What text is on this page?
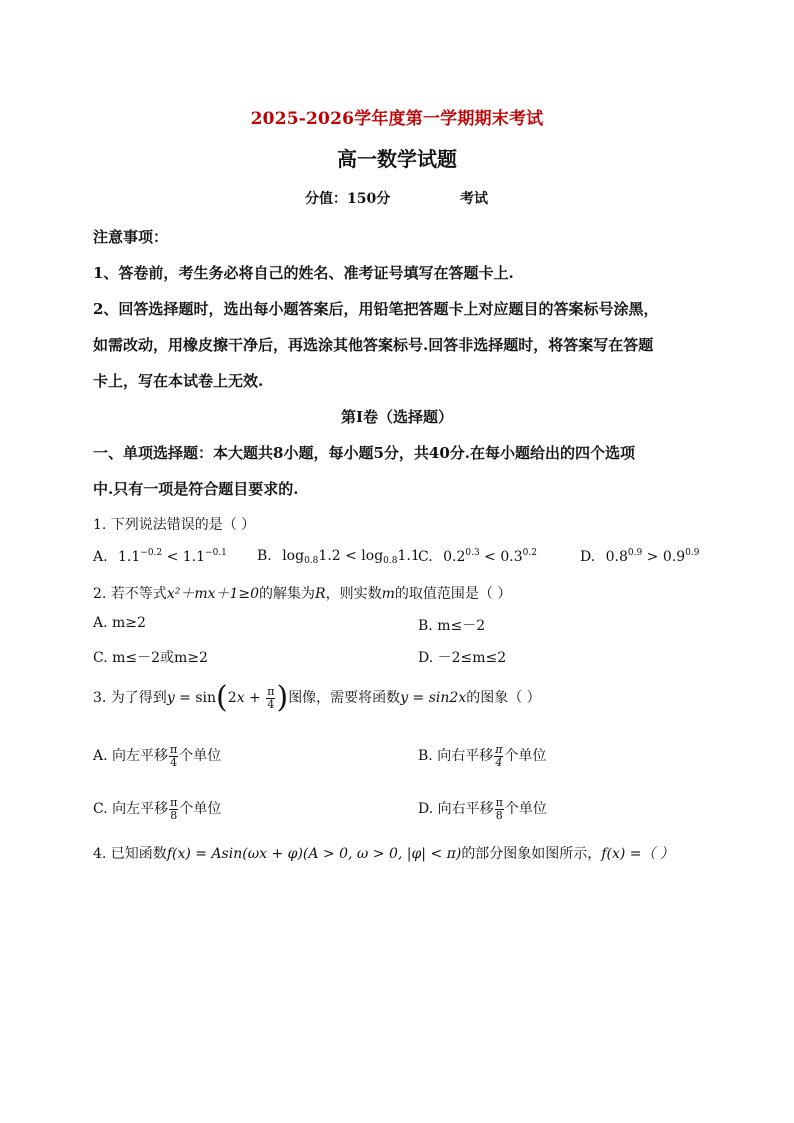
2025-2026学年度第一学期期末考试
高一数学试题
分值：150分	考试
注意事项：
1、答卷前，考生务必将自己的姓名、准考证号填写在答题卡上.
2、回答选择题时，选出每小题答案后，用铅笔把答题卡上对应题目的答案标号涂黑，
如需改动，用橡皮擦干净后，再选涂其他答案标号.回答非选择题时，将答案写在答题
卡上，写在本试卷上无效.
第Ⅰ卷（选择题）
一、单项选择题：本大题共8小题，每小题5分，共40分.在每小题给出的四个选项
中.只有一项是符合题目要求的.
1. 下列说法错误的是（ ）
A. $1.1^{-0.2} < 1.1^{-0.1}$ B. $\log_{0.8}1.2 < \log_{0.8}1.1$
C. $0.2^{0.3} < 0.3^{0.2}$	D. $0.8^{0.9} > 0.9^{0.9}$
2. 若不等式x²＋mx＋1≥0的解集为R，则实数m的取值范围是（ ）
A. m≥2	B. m≤－2
C. m≤－2或m≥2	D. －2≤m≤2
3. 为了得到$y = \sin(2x + \frac{\pi}{4}$ )图像，需要将函数y = sin2x的图象（ ）
A. 向左平移 $\frac{\pi}{4}$ 个单位	B. 向右平移 $\frac{\pi}{4}$ 个单位
C. 向左平移 $\frac{\pi}{8}$ 个单位	D. 向右平移 $\frac{\pi}{8}$ 个单位
4. 已知函数f(x) = Asin(ωx + φ)(A > 0, ω > 0, |φ| < π)的部分图象如图所示，f(x) =（ ）
